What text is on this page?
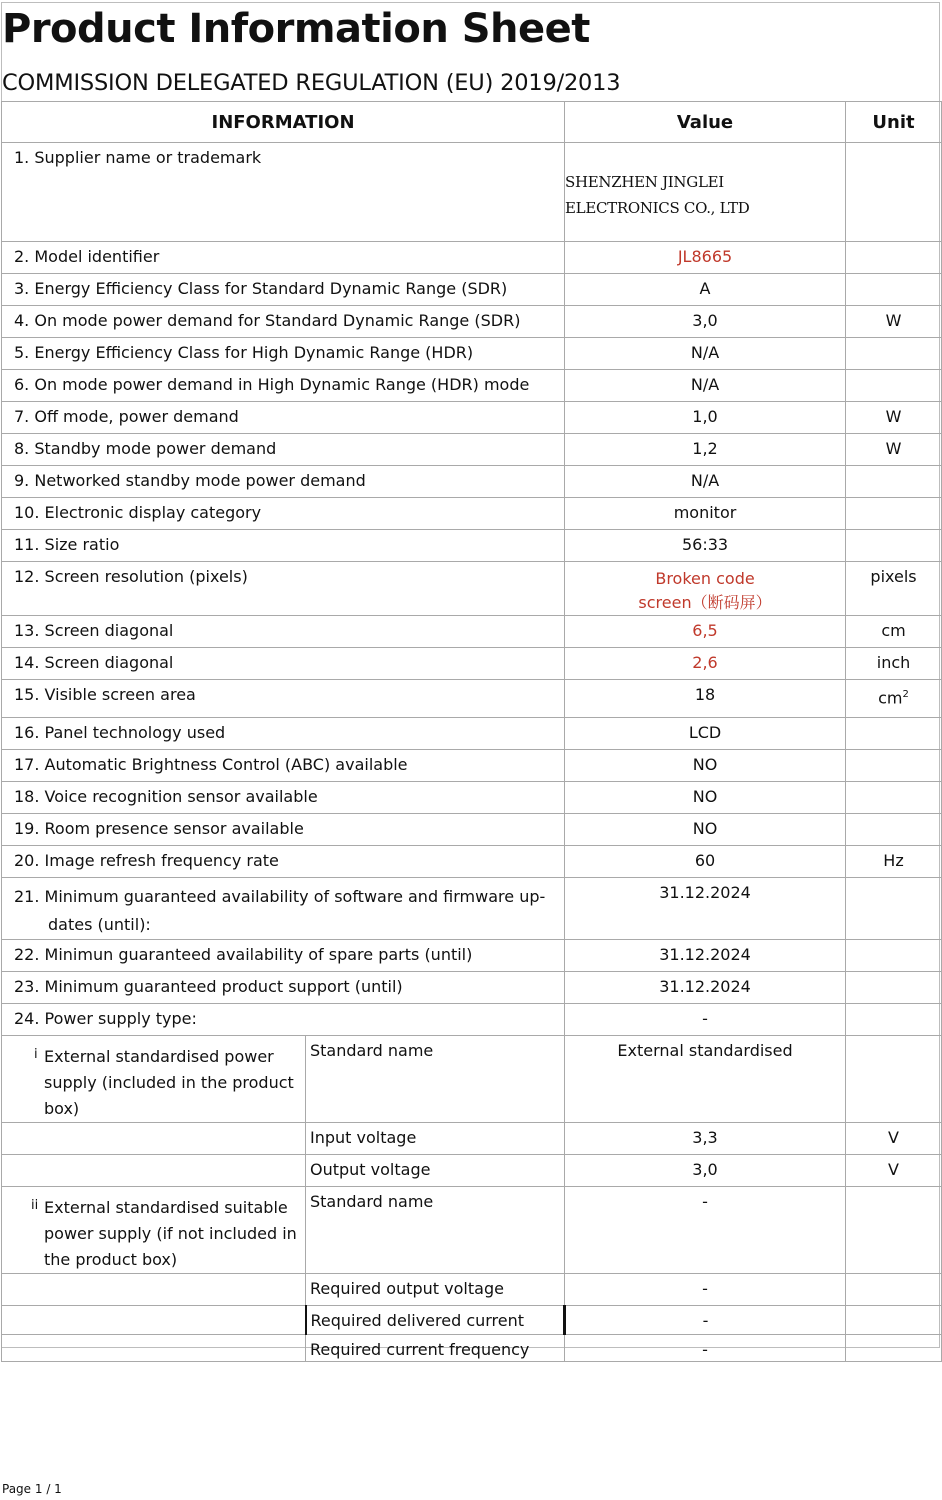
Product Information Sheet
COMMISSION DELEGATED REGULATION (EU) 2019/2013
INFORMATION		Value	Unit
1. Supplier name or trademark		SHENZHEN JINGLEI
ELECTRONICS CO., LTD	

2. Model identifier		JL8665	
3. Energy Efficiency Class for Standard Dynamic Range (SDR)		A	
4. On mode power demand for Standard Dynamic Range (SDR)		3,0	W
5. Energy Efficiency Class for High Dynamic Range (HDR)		N/A	
6. On mode power demand in High Dynamic Range (HDR) mode		N/A	
7. Off mode, power demand		1,0	W
8. Standby mode power demand		1,2	W
9. Networked standby mode power demand		N/A	
10. Electronic display category		monitor	
11. Size ratio		56:33	
12. Screen resolution (pixels)		Broken code
screen（断码屏）	pixels
13. Screen diagonal		6,5	cm
14. Screen diagonal		2,6	inch
15. Visible screen area		18	$cm^2$
16. Panel technology used		LCD	
17. Automatic Brightness Control (ABC) available		NO	
18. Voice recognition sensor available		NO	
19. Room presence sensor available		NO	
20. Image refresh frequency rate		60	Hz

21. Minimum guaranteed availability of software and firmware up-
dates (until):		31.12.2024	
22. Minimun guaranteed availability of spare parts (until)		31.12.2024	
23. Minimum guaranteed product support (until)		31.12.2024	
24. Power supply type:		-	

i External standardised power supply (included in the product box)	Standard name	External standardised	
	Input voltage	3,3	V
	Output voltage	3,0	V

ii External standardised suitable power supply (if not included in the product box)	Standard name	-	
	Required output voltage	-	
	Required delivered current	-	
	Required current frequency	-	
Page 1 / 1
